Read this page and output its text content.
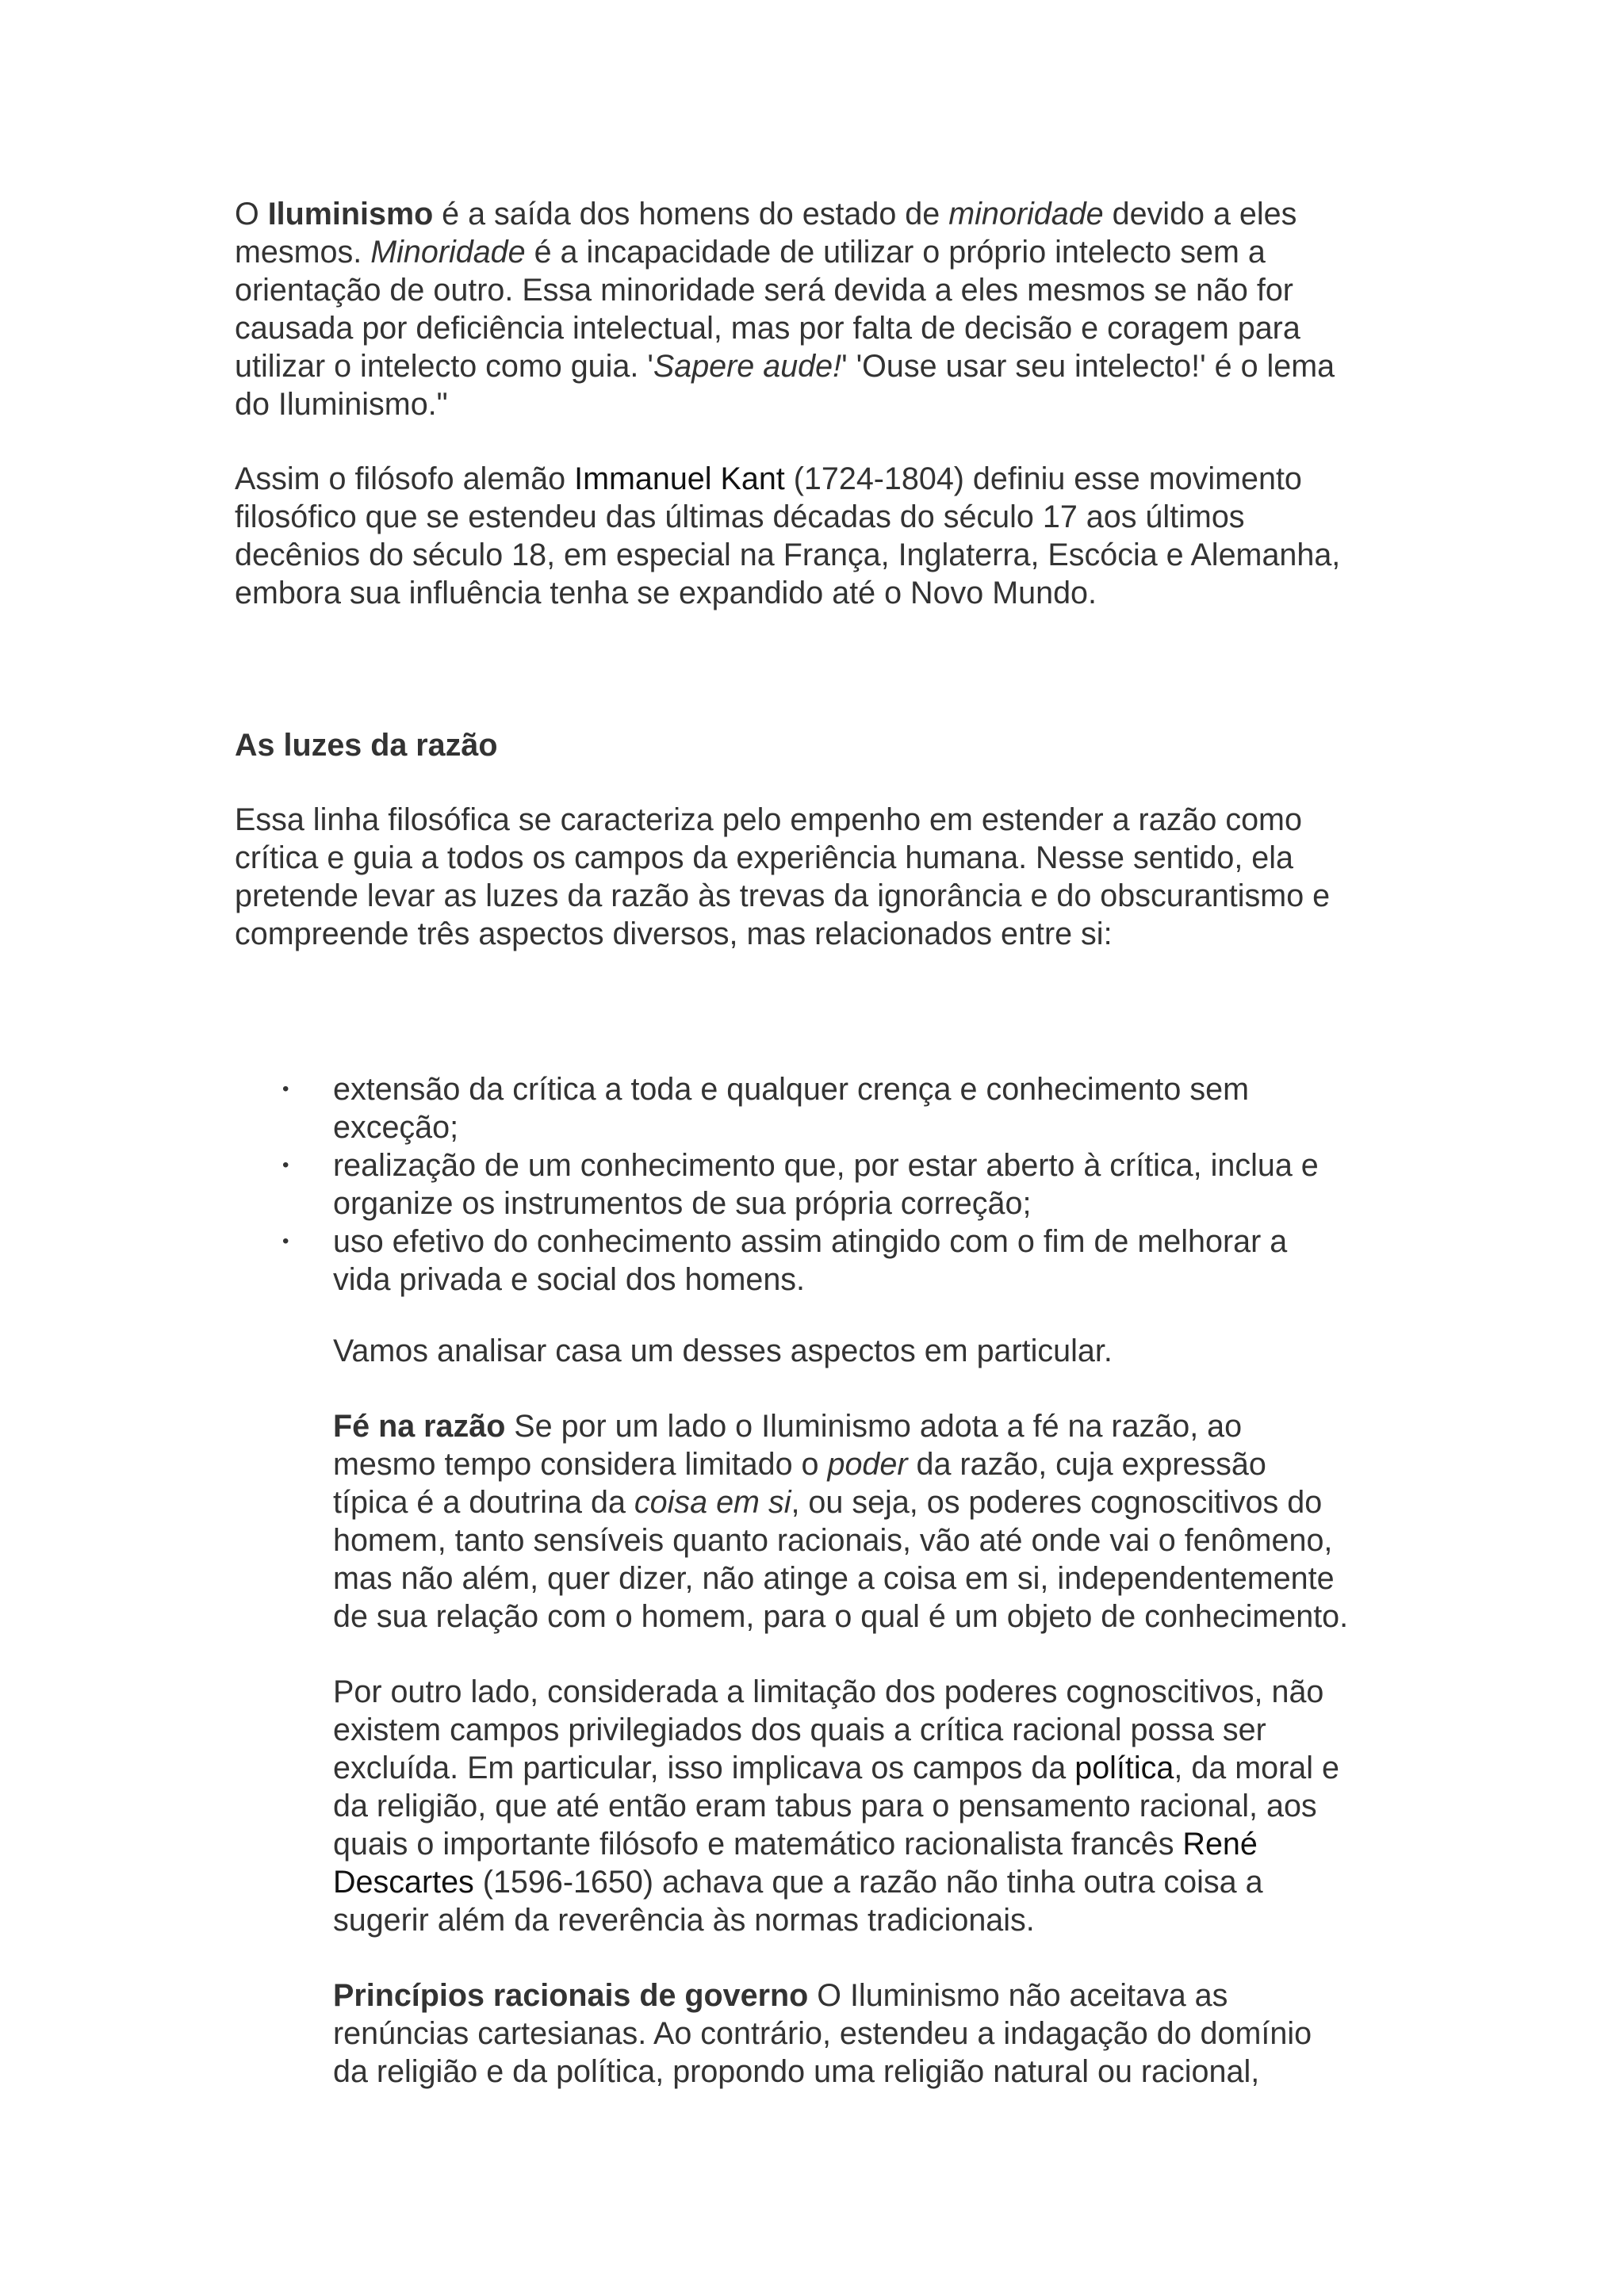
O Iluminismo é a saída dos homens do estado de minoridade devido a eles
mesmos. Minoridade é a incapacidade de utilizar o próprio intelecto sem a
orientação de outro. Essa minoridade será devida a eles mesmos se não for
causada por deficiência intelectual, mas por falta de decisão e coragem para
utilizar o intelecto como guia. 'Sapere aude!' 'Ouse usar seu intelecto!' é o lema
do Iluminismo."
Assim o filósofo alemão Immanuel Kant (1724-1804) definiu esse movimento
filosófico que se estendeu das últimas décadas do século 17 aos últimos
decênios do século 18, em especial na França, Inglaterra, Escócia e Alemanha,
embora sua influência tenha se expandido até o Novo Mundo.
As luzes da razão
Essa linha filosófica se caracteriza pelo empenho em estender a razão como
crítica e guia a todos os campos da experiência humana. Nesse sentido, ela
pretende levar as luzes da razão às trevas da ignorância e do obscurantismo e
compreende três aspectos diversos, mas relacionados entre si:
• extensão da crítica a toda e qualquer crença e conhecimento sem
exceção;
• realização de um conhecimento que, por estar aberto à crítica, inclua e
organize os instrumentos de sua própria correção;
• uso efetivo do conhecimento assim atingido com o fim de melhorar a
vida privada e social dos homens.
Vamos analisar casa um desses aspectos em particular.
Fé na razão Se por um lado o Iluminismo adota a fé na razão, ao
mesmo tempo considera limitado o poder da razão, cuja expressão
típica é a doutrina da coisa em si, ou seja, os poderes cognoscitivos do
homem, tanto sensíveis quanto racionais, vão até onde vai o fenômeno,
mas não além, quer dizer, não atinge a coisa em si, independentemente
de sua relação com o homem, para o qual é um objeto de conhecimento.
Por outro lado, considerada a limitação dos poderes cognoscitivos, não
existem campos privilegiados dos quais a crítica racional possa ser
excluída. Em particular, isso implicava os campos da política, da moral e
da religião, que até então eram tabus para o pensamento racional, aos
quais o importante filósofo e matemático racionalista francês René
Descartes (1596-1650) achava que a razão não tinha outra coisa a
sugerir além da reverência às normas tradicionais.
Princípios racionais de governo O Iluminismo não aceitava as
renúncias cartesianas. Ao contrário, estendeu a indagação do domínio
da religião e da política, propondo uma religião natural ou racional,
